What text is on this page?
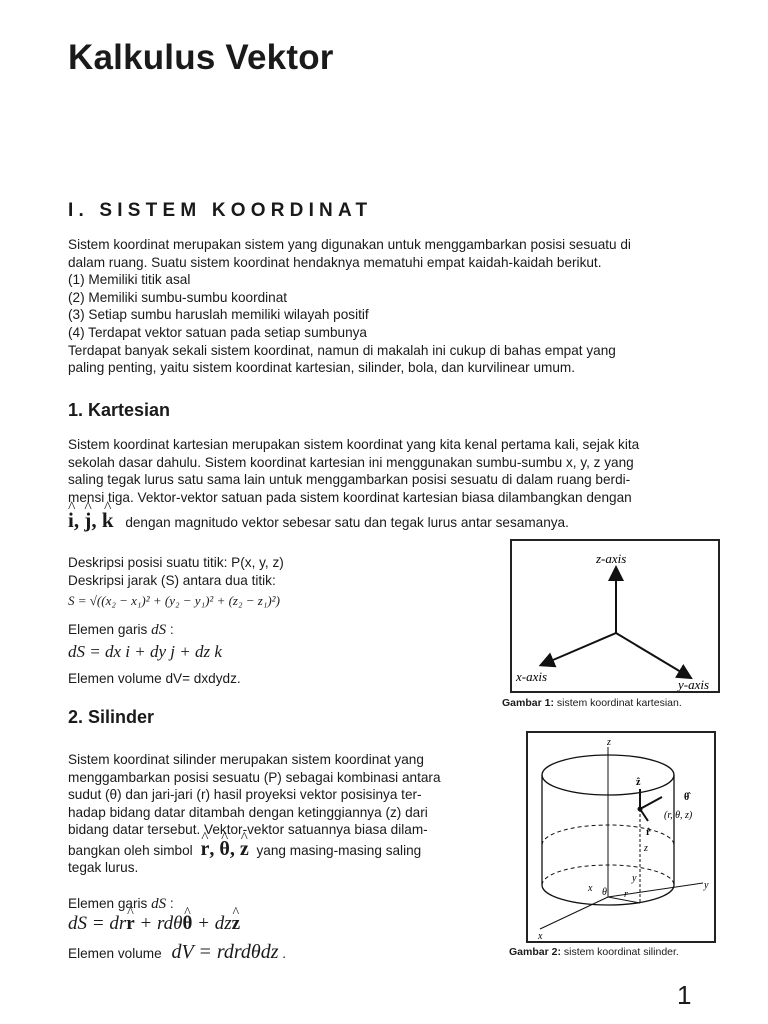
Kalkulus Vektor
I. SISTEM KOORDINAT
Sistem koordinat merupakan sistem yang digunakan untuk menggambarkan posisi sesuatu di
dalam ruang. Suatu sistem koordinat hendaknya mematuhi empat kaidah-kaidah berikut.
(1) Memiliki titik asal
(2) Memiliki sumbu-sumbu koordinat
(3) Setiap sumbu haruslah memiliki wilayah positif
(4) Terdapat vektor satuan pada setiap sumbunya
Terdapat banyak sekali sistem koordinat, namun di makalah ini cukup di bahas empat yang
paling penting, yaitu sistem koordinat kartesian, silinder, bola, dan kurvilinear umum.
1. Kartesian
Sistem koordinat kartesian merupakan sistem koordinat yang kita kenal pertama kali, sejak kita
sekolah dasar dahulu. Sistem koordinat kartesian ini menggunakan sumbu-sumbu x, y, z yang
saling tegak lurus satu sama lain untuk menggambarkan posisi sesuatu di dalam ruang berdi-
mensi tiga. Vektor-vektor satuan pada sistem koordinat kartesian biasa dilambangkan dengan
^ i, ^ j, ^ k dengan magnitudo vektor sebesar satu dan tegak lurus antar sesamanya.
Deskripsi posisi suatu titik: P(x, y, z)
Deskripsi jarak (S) antara dua titik:
S = √((x₂ − x₁)² + (y₂ − y₁)² + (z₂ − z₁)²)
Elemen garis dS :
dS = dx i + dy j + dz k
Elemen volume dV= dxdydz.
z-axis
x-axis
y-axis
Gambar 1: sistem koordinat kartesian.
2. Silinder
Sistem koordinat silinder merupakan sistem koordinat yang
menggambarkan posisi sesuatu (P) sebagai kombinasi antara
sudut (θ) dan jari-jari (r) hasil proyeksi vektor posisinya ter-
hadap bidang datar ditambah dengan ketinggiannya (z) dari
bidang datar tersebut. Vektor-vektor satuannya biasa dilam-
bangkan oleh simbol ^ r, ^ θ, ^ z yang masing-masing saling
tegak lurus.
Elemen garis dS :
dS = dr^ r + rdθ^ θ + dz^ z
Elemen volume dV = rdrdθdz .
z
y
x
ẑ
θ̂
r̂
(r, θ, z)
z
y
x θ r
Gambar 2: sistem koordinat silinder.
1
